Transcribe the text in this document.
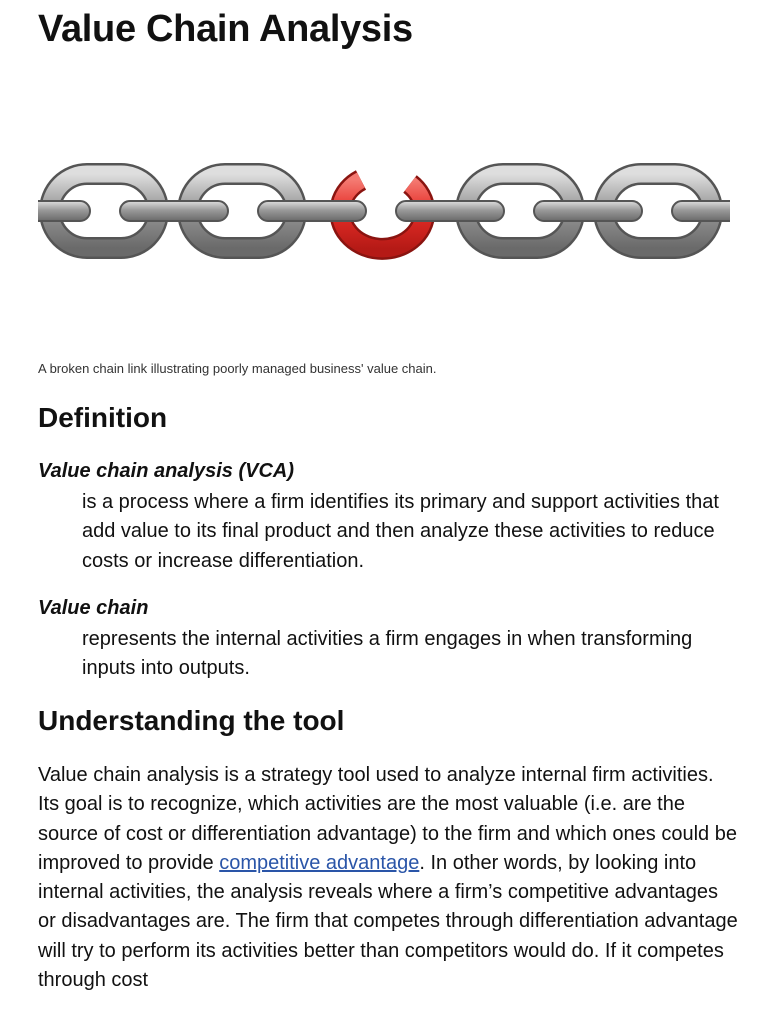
Value Chain Analysis

A broken chain link illustrating poorly managed business' value chain.

Definition

Value chain analysis (VCA)

is a process where a firm identifies its primary and support activities that add value to its final product and then analyze these activities to reduce costs or increase differentiation.

Value chain

represents the internal activities a firm engages in when transforming inputs into outputs.

Understanding the tool

Value chain analysis is a strategy tool used to analyze internal firm activities. Its goal is to recognize, which activities are the most valuable (i.e. are the source of cost or differentiation advantage) to the firm and which ones could be improved to provide competitive advantage. In other words, by looking into internal activities, the analysis reveals where a firm’s competitive advantages or disadvantages are. The firm that competes through differentiation advantage will try to perform its activities better than competitors would do. If it competes through cost
